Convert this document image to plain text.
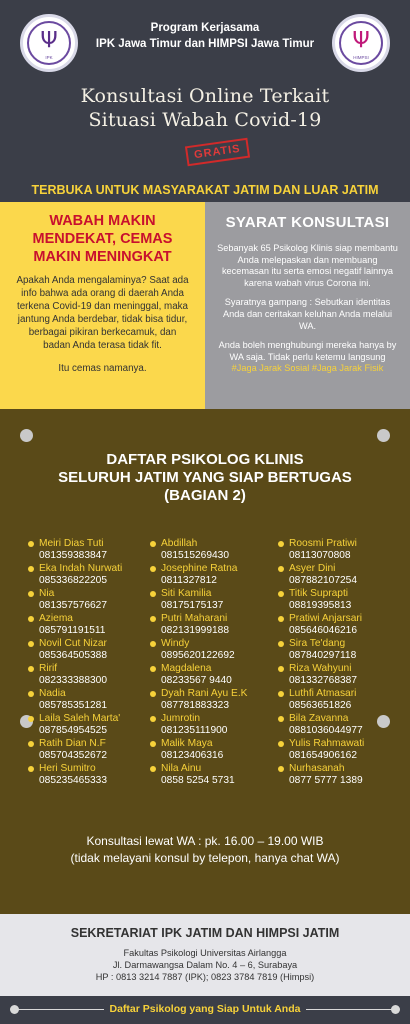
Ψ
IPK
Program Kerjasama
IPK Jawa Timur dan HIMPSI Jawa Timur Ψ
HIMPSI
Konsultasi Online Terkait
Situasi Wabah Covid-19
GRATIS
TERBUKA UNTUK MASYARAKAT JATIM DAN LUAR JATIM
WABAH MAKIN MENDEKAT, CEMAS MAKIN MENINGKAT

Apakah Anda mengalaminya? Saat ada info bahwa ada orang di daerah Anda terkena Covid-19 dan meninggal, maka jantung Anda berdebar, tidak bisa tidur, berbagai pikiran berkecamuk, dan badan Anda terasa tidak fit.

Itu cemas namanya.

SYARAT KONSULTASI

Sebanyak 65 Psikolog Klinis siap membantu Anda melepaskan dan membuang kecemasan itu serta emosi negatif lainnya karena wabah virus Corona ini.

Syaratnya gampang : Sebutkan identitas Anda dan ceritakan keluhan Anda melalui WA.

Anda boleh menghubungi mereka hanya by WA saja. Tidak perlu ketemu langsung #Jaga Jarak Sosial #Jaga Jarak Fisik

DAFTAR PSIKOLOG KLINIS
SELURUH JATIM YANG SIAP BERTUGAS
(BAGIAN 2)
Meiri Dias Tuti
081359383847
Eka Indah Nurwati
085336822205
Nia
081357576627
Aziema
085791191511
Novil Cut Nizar
085364505388
Ririf
082333388300
Nadia
085785351281
Laila Saleh Marta'
087854954525
Ratih Dian N.F
085704352672
Heri Sumitro
085235465333
Abdillah
081515269430
Josephine Ratna
0811327812
Siti Kamilia
08175175137
Putri Maharani
082131999188
Windy
0895620122692
Magdalena
08233567 9440
Dyah Rani Ayu E.K
087781883323
Jumrotin
081235111900
Malik Maya
08123406316
Nila Ainu
0858 5254 5731
Roosmi Pratiwi
08113070808
Asyer Dini
087882107254
Titik Suprapti
08819395813
Pratiwi Anjarsari
085646046216
Sira Te'dang
087840297118
Riza Wahyuni
081332768387
Luthfi Atmasari
08563651826
Bila Zavanna
0881036044977
Yulis Rahmawati
081654906162
Nurhasanah
0877 5777 1389
Konsultasi lewat WA : pk. 16.00 – 19.00 WIB
(tidak melayani konsul by telepon, hanya chat WA)
SEKRETARIAT IPK JATIM DAN HIMPSI JATIM
Fakultas Psikologi Universitas Airlangga
Jl. Darmawangsa Dalam No. 4 – 6, Surabaya
HP : 0813 3214 7887 (IPK); 0823 3784 7819 (Himpsi)
Daftar Psikolog yang Siap Untuk Anda
